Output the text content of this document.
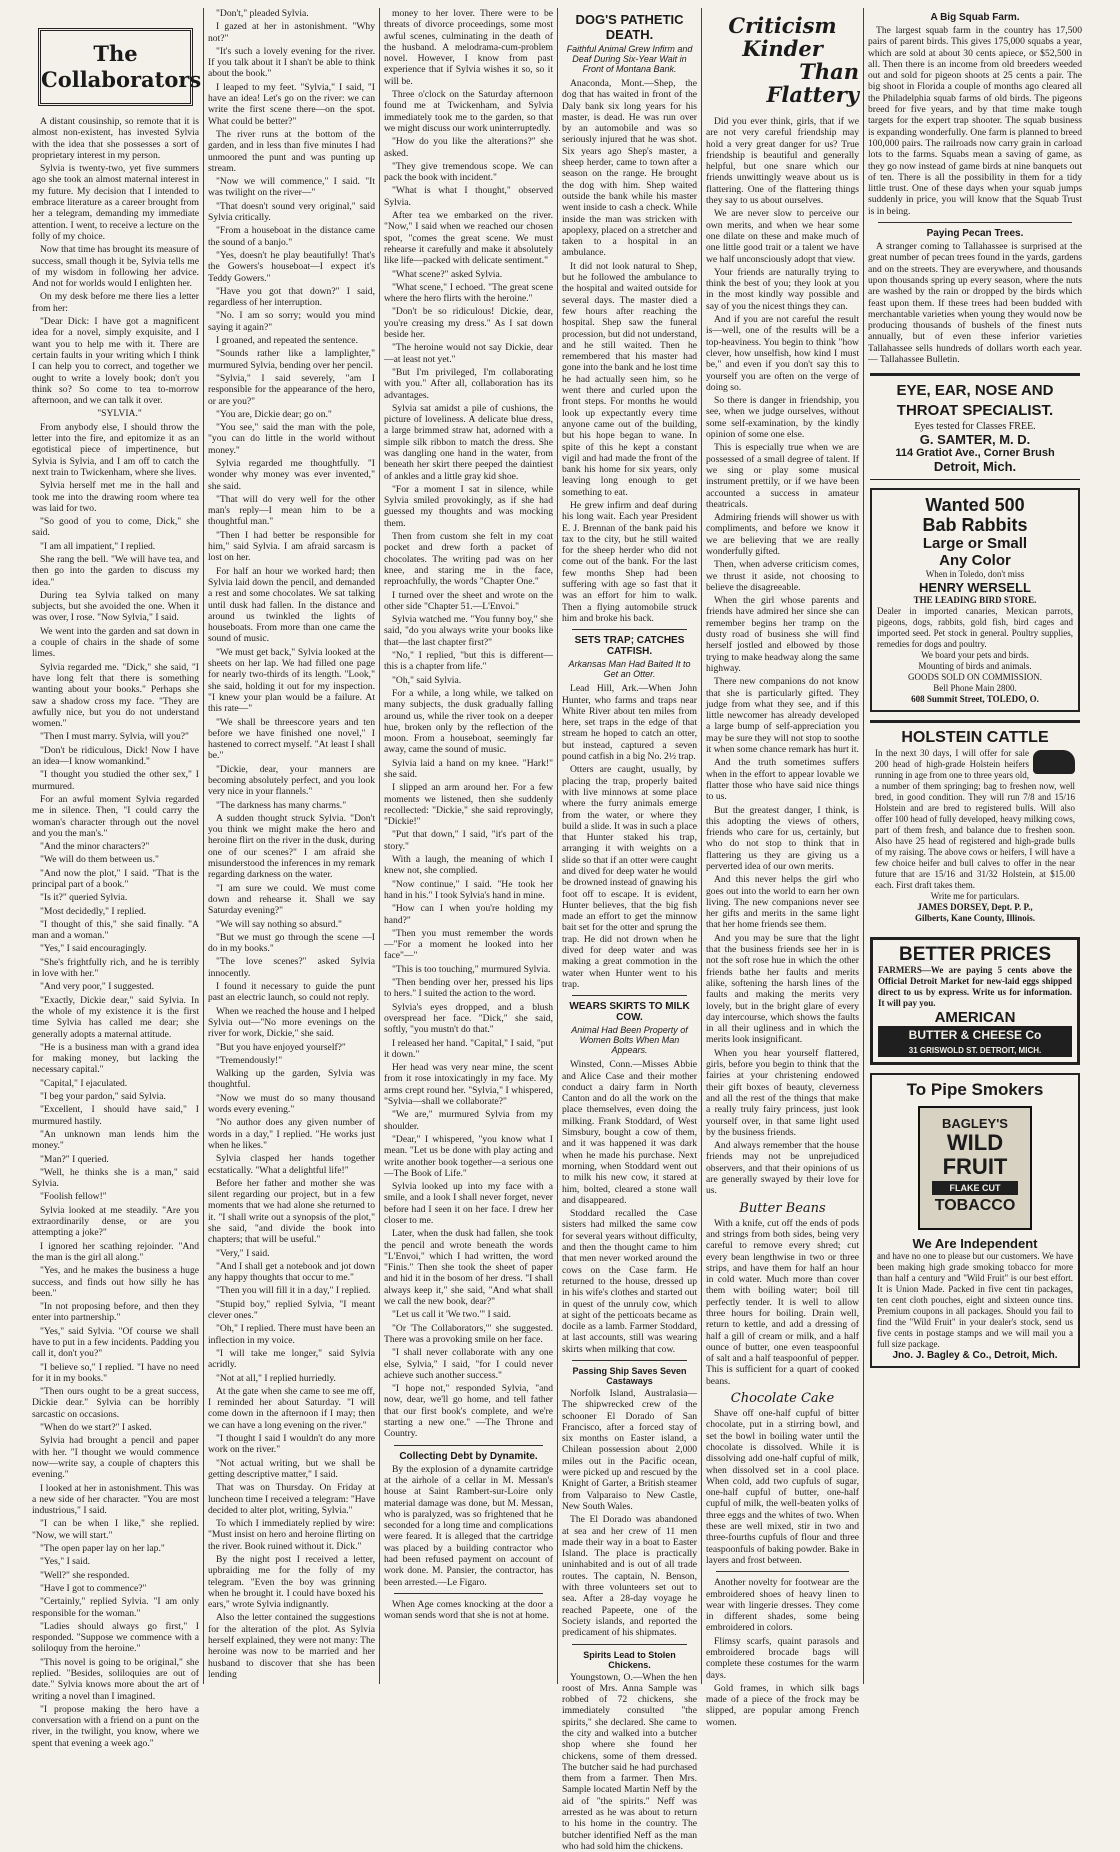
The
Collaborators

A distant cousinship, so remote that it is almost non-existent, has invested Sylvia with the idea that she possesses a sort of proprietary interest in my person.

Sylvia is twenty-two, yet five summers ago she took an almost maternal interest in my future. My decision that I intended to embrace literature as a career brought from her a telegram, demanding my immediate attention. I went, to receive a lecture on the folly of my choice.

Now that time has brought its measure of success, small though it be, Sylvia tells me of my wisdom in following her advice. And not for worlds would I enlighten her.

On my desk before me there lies a letter from her:

"Dear Dick: I have got a magnificent idea for a novel, simply exquisite, and I want you to help me with it. There are certain faults in your writing which I think I can help you to correct, and together we ought to write a lovely book; don't you think so? So come to tea to-morrow afternoon, and we can talk it over.

"SYLVIA."

From anybody else, I should throw the letter into the fire, and epitomize it as an egotistical piece of impertinence, but Sylvia is Sylvia, and I am off to catch the next train to Twickenham, where she lives.

Sylvia herself met me in the hall and took me into the drawing room where tea was laid for two.

"So good of you to come, Dick," she said.

"I am all impatient," I replied.

She rang the bell. "We will have tea, and then go into the garden to discuss my idea."

During tea Sylvia talked on many subjects, but she avoided the one. When it was over, I rose. "Now Sylvia," I said.

We went into the garden and sat down in a couple of chairs in the shade of some limes.

Sylvia regarded me. "Dick," she said, "I have long felt that there is something wanting about your books." Perhaps she saw a shadow cross my face. "They are awfully nice, but you do not understand women."

"Then I must marry. Sylvia, will you?"

"Don't be ridiculous, Dick! Now I have an idea—I know womankind."

"I thought you studied the other sex," I murmured.

For an awful moment Sylvia regarded me in silence. Then, "I could carry the woman's character through out the novel and you the man's."

"And the minor characters?"

"We will do them between us."

"And now the plot," I said. "That is the principal part of a book."

"Is it?" queried Sylvia.

"Most decidedly," I replied.

"I thought of this," she said finally. "A man and a woman."

"Yes," I said encouragingly.

"She's frightfully rich, and he is terribly in love with her."

"And very poor," I suggested.

"Exactly, Dickie dear," said Sylvia. In the whole of my existence it is the first time Sylvia has called me dear; she generally adopts a maternal attitude.

"He is a business man with a grand idea for making money, but lacking the necessary capital."

"Capital," I ejaculated.

"I beg your pardon," said Sylvia.

"Excellent, I should have said," I murmured hastily.

"An unknown man lends him the money."

"Man?" I queried.

"Well, he thinks she is a man," said Sylvia.

"Foolish fellow!"

Sylvia looked at me steadily. "Are you extraordinarily dense, or are you attempting a joke?"

I ignored her scathing rejoinder. "And the man is the girl all along."

"Yes, and he makes the business a huge success, and finds out how silly he has been."

"In not proposing before, and then they enter into partnership."

"Yes," said Sylvia. "Of course we shall have to put in a few incidents. Padding you call it, don't you?"

"I believe so," I replied. "I have no need for it in my books."

"Then ours ought to be a great success, Dickie dear." Sylvia can be horribly sarcastic on occasions.

"When do we start?" I asked.

Sylvia had brought a pencil and paper with her. "I thought we would commence now—write say, a couple of chapters this evening."

I looked at her in astonishment. This was a new side of her character. "You are most industrious," I said.

"I can be when I like," she replied. "Now, we will start."

"The open paper lay on her lap."

"Yes," I said.

"Well?" she responded.

"Have I got to commence?"

"Certainly," replied Sylvia. "I am only responsible for the woman."

"Ladies should always go first," I responded. "Suppose we commence with a soliloquy from the heroine."

"This novel is going to be original," she replied. "Besides, soliloquies are out of date." Sylvia knows more about the art of writing a novel than I imagined.

"I propose making the hero have a conversation with a friend on a punt on the river, in the twilight, you know, where we spent that evening a week ago."

"Don't," pleaded Sylvia.

I gazed at her in astonishment. "Why not?"

"It's such a lovely evening for the river. If you talk about it I shan't be able to think about the book."

I leaped to my feet. "Sylvia," I said, "I have an idea! Let's go on the river: we can write the first scene there—on the spot. What could be better?"

The river runs at the bottom of the garden, and in less than five minutes I had unmoored the punt and was punting up stream.

"Now we will commence," I said. "It was twilight on the river—"

"That doesn't sound very original," said Sylvia critically.

"From a houseboat in the distance came the sound of a banjo."

"Yes, doesn't he play beautifully! That's the Gowers's houseboat—I expect it's Teddy Gowers."

"Have you got that down?" I said, regardless of her interruption.

"No. I am so sorry; would you mind saying it again?"

I groaned, and repeated the sentence.

"Sounds rather like a lamplighter," murmured Sylvia, bending over her pencil.

"Sylvia," I said severely, "am I responsible for the appearance of the hero, or are you?"

"You are, Dickie dear; go on."

"You see," said the man with the pole, "you can do little in the world without money."

Sylvia regarded me thoughtfully. "I wonder why money was ever invented," she said.

"That will do very well for the other man's reply—I mean him to be a thoughtful man."

"Then I had better be responsible for him," said Sylvia. I am afraid sarcasm is lost on her.

For half an hour we worked hard; then Sylvia laid down the pencil, and demanded a rest and some chocolates. We sat talking until dusk had fallen. In the distance and around us twinkled the lights of houseboats. From more than one came the sound of music.

"We must get back," Sylvia looked at the sheets on her lap. We had filled one page for nearly two-thirds of its length. "Look," she said, holding it out for my inspection. "I knew your plan would be a failure. At this rate—"

"We shall be threescore years and ten before we have finished one novel," I hastened to correct myself. "At least I shall be."

"Dickie, dear, your manners are becoming absolutely perfect, and you look very nice in your flannels."

"The darkness has many charms."

A sudden thought struck Sylvia. "Don't you think we might make the hero and heroine flirt on the river in the dusk, during one of our scenes?" I am afraid she misunderstood the inferences in my remark regarding darkness on the water.

"I am sure we could. We must come down and rehearse it. Shall we say Saturday evening?"

"We will say nothing so absurd."

"But we must go through the scene —I do in my books."

"The love scenes?" asked Sylvia innocently.

I found it necessary to guide the punt past an electric launch, so could not reply.

When we reached the house and I helped Sylvia out—"No more evenings on the river for work, Dickie," she said.

"But you have enjoyed yourself?"

"Tremendously!"

Walking up the garden, Sylvia was thoughtful.

"Now we must do so many thousand words every evening."

"No author does any given number of words in a day," I replied. "He works just when he likes."

Sylvia clasped her hands together ecstatically. "What a delightful life!"

Before her father and mother she was silent regarding our project, but in a few moments that we had alone she returned to it. "I shall write out a synopsis of the plot," she said, "and divide the book into chapters; that will be useful."

"Very," I said.

"And I shall get a notebook and jot down any happy thoughts that occur to me."

"Then you will fill it in a day," I replied.

"Stupid boy," replied Sylvia, "I meant clever ones."

"Oh," I replied. There must have been an inflection in my voice.

"I will take me longer," said Sylvia acridly.

"Not at all," I replied hurriedly.

At the gate when she came to see me off, I reminded her about Saturday. "I will come down in the afternoon if I may; then we can have a long evening on the river."

"I thought I said I wouldn't do any more work on the river."

"Not actual writing, but we shall be getting descriptive matter," I said.

That was on Thursday. On Friday at luncheon time I received a telegram: "Have decided to alter plot, writing, Sylvia."

To which I immediately replied by wire: "Must insist on hero and heroine flirting on the river. Book ruined without it. Dick."

By the night post I received a letter, upbraiding me for the folly of my telegram. "Even the boy was grinning when he brought it. I could have boxed his ears," wrote Sylvia indignantly.

Also the letter contained the suggestions for the alteration of the plot. As Sylvia herself explained, they were not many: The heroine was now to be married and her husband to discover that she has been lending

money to her lover. There were to be threats of divorce proceedings, some most awful scenes, culminating in the death of the husband. A melodrama-cum-problem novel. However, I know from past experience that if Sylvia wishes it so, so it will be.

Three o'clock on the Saturday afternoon found me at Twickenham, and Sylvia immediately took me to the garden, so that we might discuss our work uninterruptedly.

"How do you like the alterations?" she asked.

"They give tremendous scope. We can pack the book with incident."

"What is what I thought," observed Sylvia.

After tea we embarked on the river. "Now," I said when we reached our chosen spot, "comes the great scene. We must rehearse it carefully and make it absolutely like life—packed with delicate sentiment."

"What scene?" asked Sylvia.

"What scene," I echoed. "The great scene where the hero flirts with the heroine."

"Don't be so ridiculous! Dickie, dear, you're creasing my dress." As I sat down beside her.

"The heroine would not say Dickie, dear—at least not yet."

"But I'm privileged, I'm collaborating with you." After all, collaboration has its advantages.

Sylvia sat amidst a pile of cushions, the picture of loveliness. A delicate blue dress, a large brimmed straw hat, adorned with a simple silk ribbon to match the dress. She was dangling one hand in the water, from beneath her skirt there peeped the daintiest of ankles and a little gray kid shoe.

"For a moment I sat in silence, while Sylvia smiled provokingly, as if she had guessed my thoughts and was mocking them.

Then from custom she felt in my coat pocket and drew forth a packet of chocolates. The writing pad was on her knee, and staring me in the face, reproachfully, the words "Chapter One."

I turned over the sheet and wrote on the other side "Chapter 51.—L'Envoi."

Sylvia watched me. "You funny boy," she said, "do you always write your books like that—the last chapter first?"

"No," I replied, "but this is different—this is a chapter from life."

"Oh," said Sylvia.

For a while, a long while, we talked on many subjects, the dusk gradually falling around us, while the river took on a deeper hue, broken only by the reflection of the moon. From a houseboat, seemingly far away, came the sound of music.

Sylvia laid a hand on my knee. "Hark!" she said.

I slipped an arm around her. For a few moments we listened, then she suddenly recollected: "Dickie," she said reprovingly, "Dickie!"

"Put that down," I said, "it's part of the story."

With a laugh, the meaning of which I knew not, she complied.

"Now continue," I said. "He took her hand in his." I took Sylvia's hand in mine.

"How can I when you're holding my hand?"

"Then you must remember the words—"For a moment he looked into her face"—"

"This is too touching," murmured Sylvia.

"Then bending over her, pressed his lips to hers." I suited the action to the word.

Sylvia's eyes dropped, and a blush overspread her face. "Dick," she said, softly, "you mustn't do that."

I released her hand. "Capital," I said, "put it down."

Her head was very near mine, the scent from it rose intoxicatingly in my face. My arms crept round her. "Sylvia," I whispered, "Sylvia—shall we collaborate?"

"We are," murmured Sylvia from my shoulder.

"Dear," I whispered, "you know what I mean. "Let us be done with play acting and write another book together—a serious one—The Book of Life."

Sylvia looked up into my face with a smile, and a look I shall never forget, never before had I seen it on her face. I drew her closer to me.

Later, when the dusk had fallen, she took the pencil and wrote beneath the words "L'Envoi," which I had written, the word "Finis." Then she took the sheet of paper and hid it in the bosom of her dress. "I shall always keep it," she said, "And what shall we call the new book, dear?"

"Let us call it 'We two.'" I said.

"Or 'The Collaborators,'" she suggested. There was a provoking smile on her face.

"I shall never collaborate with any one else, Sylvia," I said, "for I could never achieve such another success."

"I hope not," responded Sylvia, "and now, dear, we'll go home, and tell father that our first book's complete, and we're starting a new one." —The Throne and Country.

Collecting Debt by Dynamite.

By the explosion of a dynamite cartridge at the airhole of a cellar in M. Messan's house at Saint Rambert-sur-Loire only material damage was done, but M. Messan, who is paralyzed, was so frightened that he seconded for a long time and complications were feared. It is alleged that the cartridge was placed by a building contractor who had been refused payment on account of work done. M. Pansier, the contractor, has been arrested.—Le Figaro.

When Age comes knocking at the door a woman sends word that she is not at home.

DOG'S PATHETIC DEATH.
Faithful Animal Grew Infirm and Deaf During Six-Year Wait in Front of Montana Bank.

Anaconda, Mont.—Shep, the dog that has waited in front of the Daly bank six long years for his master, is dead. He was run over by an automobile and was so seriously injured that he was shot. Six years ago Shep's master, a sheep herder, came to town after a season on the range. He brought the dog with him. Shep waited outside the bank while his master went inside to cash a check. While inside the man was stricken with apoplexy, placed on a stretcher and taken to a hospital in an ambulance.

It did not look natural to Shep, but he followed the ambulance to the hospital and waited outside for several days. The master died a few hours after reaching the hospital. Shep saw the funeral procession, but did not understand, and he still waited. Then he remembered that his master had gone into the bank and he lost time he had actually seen him, so he went there and curled upon the front steps. For months he would look up expectantly every time anyone came out of the building, but his hope began to wane. In spite of this he kept a constant vigil and had made the front of the bank his home for six years, only leaving long enough to get something to eat.

He grew infirm and deaf during his long wait. Each year President E. J. Brennan of the bank paid his tax to the city, but he still waited for the sheep herder who did not come out of the bank. For the last few months Shep had been suffering with age so fast that it was an effort for him to walk. Then a flying automobile struck him and broke his back.

SETS TRAP; CATCHES CATFISH.
Arkansas Man Had Baited It to Get an Otter.

Lead Hill, Ark.—When John Hunter, who farms and traps near White River about ten miles from here, set traps in the edge of that stream he hoped to catch an otter, but instead, captured a seven pound catfish in a big No. 2½ trap.

Otters are caught, usually, by placing the trap, properly baited with live minnows at some place where the furry animals emerge from the water, or where they build a slide. It was in such a place that Hunter staked his trap, arranging it with weights on a slide so that if an otter were caught and dived for deep water he would be drowned instead of gnawing his foot off to escape. It is evident, Hunter believes, that the big fish made an effort to get the minnow bait set for the otter and sprung the trap. He did not drown when he dived for deep water and was making a great commotion in the water when Hunter went to his trap.

WEARS SKIRTS TO MILK COW.
Animal Had Been Property of Women Bolts When Man Appears.

Winsted, Conn.—Misses Abbie and Alice Case and their mother conduct a dairy farm in North Canton and do all the work on the place themselves, even doing the milking. Frank Stoddard, of West Simsbury, bought a cow of them, and it was happened it was dark when he made his purchase. Next morning, when Stoddard went out to milk his new cow, it stared at him, bolted, cleared a stone wall and disappeared.

Stoddard recalled the Case sisters had milked the same cow for several years without difficulty, and then the thought came to him that men never worked around the cows on the Case farm. He returned to the house, dressed up in his wife's clothes and started out in quest of the unruly cow, which at sight of the petticoats became as docile as a lamb. Farmer Stoddard, at last accounts, still was wearing skirts when milking that cow.

Passing Ship Saves Seven Castaways

Norfolk Island, Australasia—The shipwrecked crew of the schooner El Dorado of San Francisco, after a forced stay of six months on Easter island, a Chilean possession about 2,000 miles out in the Pacific ocean, were picked up and rescued by the Knight of Garter, a British steamer from Valparaiso to New Castle, New South Wales.

The El Dorado was abandoned at sea and her crew of 11 men made their way in a boat to Easter Island. The place is practically uninhabited and is out of all trade routes. The captain, N. Benson, with three volunteers set out to sea. After a 28-day voyage he reached Papeete, one of the Society islands, and reported the predicament of his shipmates.

Spirits Lead to Stolen Chickens.

Youngstown, O.—When the hen roost of Mrs. Anna Sample was robbed of 72 chickens, she immediately consulted "the spirits," she declared. She came to the city and walked into a butcher shop where she found her chickens, some of them dressed. The butcher said he had purchased them from a farmer. Then Mrs. Sample located Martin Neff by the aid of "the spirits." Neff was arrested as he was about to return to his home in the country. The butcher identified Neff as the man who had sold him the chickens.

Criticism Kinder
Than Flattery

Did you ever think, girls, that if we are not very careful friendship may hold a very great danger for us? True friendship is beautiful and generally helpful, but one snare which our friends unwittingly weave about us is flattering. One of the flattering things they say to us about ourselves.

We are never slow to perceive our own merits, and when we hear some one dilate on these and make much of one little good trait or a talent we have we half unconsciously adopt that view.

Your friends are naturally trying to think the best of you; they look at you in the most kindly way possible and say of you the nicest things they can.

And if you are not careful the result is—well, one of the results will be a top-heaviness. You begin to think "how clever, how unselfish, how kind I must be," and even if you don't say this to yourself you are often on the verge of doing so.

So there is danger in friendship, you see, when we judge ourselves, without some self-examination, by the kindly opinion of some one else.

This is especially true when we are possessed of a small degree of talent. If we sing or play some musical instrument prettily, or if we have been accounted a success in amateur theatricals.

Admiring friends will shower us with compliments, and before we know it we are believing that we are really wonderfully gifted.

Then, when adverse criticism comes, we thrust it aside, not choosing to believe the disagreeable.

When the girl whose parents and friends have admired her since she can remember begins her tramp on the dusty road of business she will find herself jostled and elbowed by those trying to make headway along the same highway.

There new companions do not know that she is particularly gifted. They judge from what they see, and if this little newcomer has already developed a large bump of self-appreciation you may be sure they will not stop to soothe it when some chance remark has hurt it.

And the truth sometimes suffers when in the effort to appear lovable we flatter those who have said nice things to us.

But the greatest danger, I think, is this adopting the views of others, friends who care for us, certainly, but who do not stop to think that in flattering us they are giving us a perverted idea of our own merits.

And this never helps the girl who goes out into the world to earn her own living. The new companions never see her gifts and merits in the same light that her home friends see them.

And you may be sure that the light that the business friends see her in is not the soft rose hue in which the other friends bathe her faults and merits alike, softening the harsh lines of the faults and making the merits very lovely, but in the bright glare of every day intercourse, which shows the faults in all their ugliness and in which the merits look insignificant.

When you hear yourself flattered, girls, before you begin to think that the fairies at your christening endowed their gift boxes of beauty, cleverness and all the rest of the things that make a really truly fairy princess, just look yourself over, in that same light used by the business friends.

And always remember that the house friends may not be unprejudiced observers, and that their opinions of us are generally swayed by their love for us.

Butter Beans

With a knife, cut off the ends of pods and strings from both sides, being very careful to remove every shred; cut every bean lengthwise in two or three strips, and have them for half an hour in cold water. Much more than cover them with boiling water; boil till perfectly tender. It is well to allow three hours for boiling. Drain well, return to kettle, and add a dressing of half a gill of cream or milk, and a half ounce of butter, one even teaspoonful of salt and a half teaspoonful of pepper. This is sufficient for a quart of cooked beans.

Chocolate Cake

Shave off one-half cupful of bitter chocolate, put in a stirring bowl, and set the bowl in boiling water until the chocolate is dissolved. While it is dissolving add one-half cupful of milk, when dissolved set in a cool place. When cold, add two cupfuls of sugar, one-half cupful of butter, one-half cupful of milk, the well-beaten yolks of three eggs and the whites of two. When these are well mixed, stir in two and three-fourths cupfuls of flour and three teaspoonfuls of baking powder. Bake in layers and frost between.

Another novelty for footwear are the embroidered shoes of heavy linen to wear with lingerie dresses. They come in different shades, some being embroidered in colors.

Flimsy scarfs, quaint parasols and embroidered brocade bags will complete these costumes for the warm days.

Gold frames, in which silk bags made of a piece of the frock may be slipped, are popular among French women.

A Big Squab Farm.

The largest squab farm in the country has 17,500 pairs of parent birds. This gives 175,000 squabs a year, which are sold at about 30 cents apiece, or $52,500 in all. Then there is an income from old breeders weeded out and sold for pigeon shoots at 25 cents a pair. The big shoot in Florida a couple of months ago cleared all the Philadelphia squab farms of old birds. The pigeons breed for five years, and by that time make tough targets for the expert trap shooter. The squab business is expanding wonderfully. One farm is planned to breed 100,000 pairs. The railroads now carry grain in carload lots to the farms. Squabs mean a saving of game, as they go now instead of game birds at nine banquets out of ten. There is all the possibility in them for a tidy little trust. One of these days when your squab jumps suddenly in price, you will know that the Squab Trust is in being.

Paying Pecan Trees.

A stranger coming to Tallahassee is surprised at the great number of pecan trees found in the yards, gardens and on the streets. They are everywhere, and thousands upon thousands spring up every season, where the nuts are washed by the rain or dropped by the birds which feast upon them. If these trees had been budded with merchantable varieties when young they would now be producing thousands of bushels of the finest nuts annually, but of even these inferior varieties Tallahassee sells hundreds of dollars worth each year.— Tallahassee Bulletin.

EYE, EAR, NOSE AND THROAT SPECIALIST.
Eyes tested for Classes FREE.
G. SAMTER, M. D.
114 Gratiot Ave., Corner Brush
Detroit, Mich.
Wanted 500
Bab Rabbits
Large or Small
Any Color
When in Toledo, don't miss
HENRY WERSELL
THE LEADING BIRD STORE.
Dealer in imported canaries, Mexican parrots, pigeons, dogs, rabbits, gold fish, bird cages and imported seed. Pet stock in general. Poultry supplies, remedies for dogs and poultry.
We board your pets and birds.
Mounting of birds and animals.
GOODS SOLD ON COMMISSION.
Bell Phone Main 2800.
608 Summit Street, TOLEDO, O.
HOLSTEIN CATTLE
In the next 30 days, I will offer for sale 200 head of high-grade Holstein heifers running in age from one to three years old, a number of them springing; bag to freshen now, well bred, in good condition. They will run 7/8 and 15/16 Holstein and are bred to registered bulls. Will also offer 100 head of fully developed, heavy milking cows, part of them fresh, and balance due to freshen soon. Also have 25 head of registered and high-grade bulls of my raising. The above cows or heifers, I will have a few choice heifer and bull calves to offer in the near future that are 15/16 and 31/32 Holstein, at $15.00 each. First draft takes them.
Write me for particulars.
JAMES DORSEY, Dept. P. P.,
Gilberts, Kane County, Illinois.
BETTER PRICES
FARMERS—We are paying 5 cents above the Official Detroit Market for new-laid eggs shipped direct to us by express. Write us for information. It will pay you.
AMERICAN
BUTTER & CHEESE Co
31 GRISWOLD ST. DETROIT, MICH.
To Pipe Smokers
BAGLEY'S
WILD FRUIT
FLAKE CUT
TOBACCO
We Are Independent
and have no one to please but our customers. We have been making high grade smoking tobacco for more than half a century and "Wild Fruit" is our best effort. It is Union Made. Packed in five cent tin packages, ten cent cloth pouches, eight and sixteen ounce tins. Premium coupons in all packages. Should you fail to find the "Wild Fruit" in your dealer's stock, send us five cents in postage stamps and we will mail you a full size package.
Jno. J. Bagley & Co., Detroit, Mich.
